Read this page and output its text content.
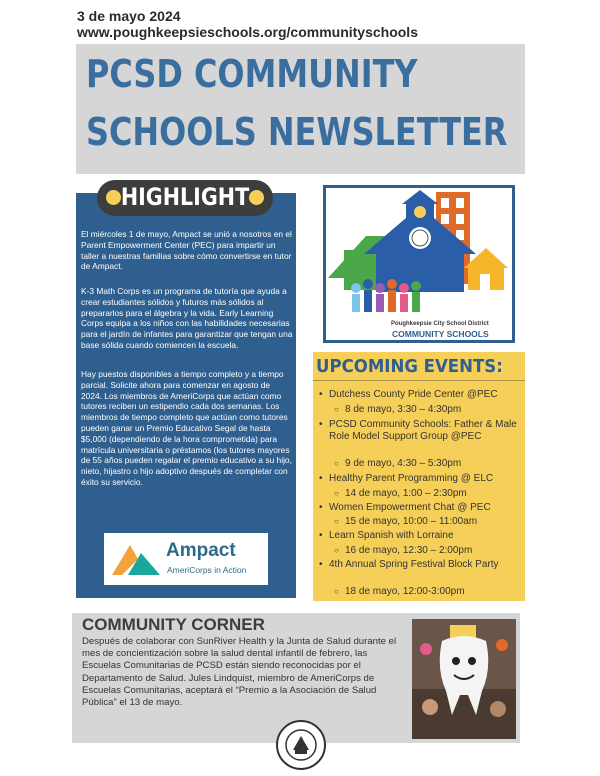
3 de mayo 2024
www.poughkeepsieschools.org/communityschools
PCSD COMMUNITY
SCHOOLS NEWSLETTER
HIGHLIGHT

El miércoles 1 de mayo, Ampact se unió a nosotros en el Parent Empowerment Center (PEC) para impartir un taller a nuestras familias sobre cómo convertirse en tutor de Ampact.

K-3 Math Corps es un programa de tutoría que ayuda a crear estudiantes sólidos y futuros más sólidos al prepararlos para el álgebra y la vida. Early Learning Corps equipa a los niños con las habilidades necesarias para el jardín de infantes para garantizar que tengan una base sólida cuando comiencen la escuela.

Hay puestos disponibles a tiempo completo y a tiempo parcial. Solicite ahora para comenzar en agosto de 2024. Los miembros de AmeriCorps que actúan como tutores reciben un estipendio cada dos semanas. Los miembros de tiempo completo que actúan como tutores pueden ganar un Premio Educativo Segal de hasta $5,000 (dependiendo de la hora comprometida) para matrícula universitaria o préstamos (los tutores mayores de 55 años pueden regalar el premio educativo a su hijo, nieto, hijastro o hijo adoptivo después de completar con éxito su servicio.

Ampact
AmeriCorps in Action
Poughkeepsie City School District
COMMUNITY SCHOOLS
UPCOMING EVENTS:
• Dutchess County Pride Center @PEC
○ 8 de mayo, 3:30 – 4:30pm
• PCSD Community Schools: Father & Male Role Model Support Group @PEC
○ 9 de mayo, 4:30 – 5:30pm
• Healthy Parent Programming @ ELC
○ 14 de mayo, 1:00 – 2:30pm
• Women Empowerment Chat @ PEC
○ 15 de mayo, 10:00 – 11:00am
• Learn Spanish with Lorraine
○ 16 de mayo, 12:30 – 2:00pm
• 4th Annual Spring Festival Block Party
○ 18 de mayo, 12:00-3:00pm
COMMUNITY CORNER

Después de colaborar con SunRiver Health y la Junta de Salud durante el mes de concientización sobre la salud dental infantil de febrero, las Escuelas Comunitarias de PCSD están siendo reconocidas por el Departamento de Salud. Jules Lindquist, miembro de AmeriCorps de Escuelas Comunitarias, aceptará el “Premio a la Asociación de Salud Pública” el 13 de mayo.
